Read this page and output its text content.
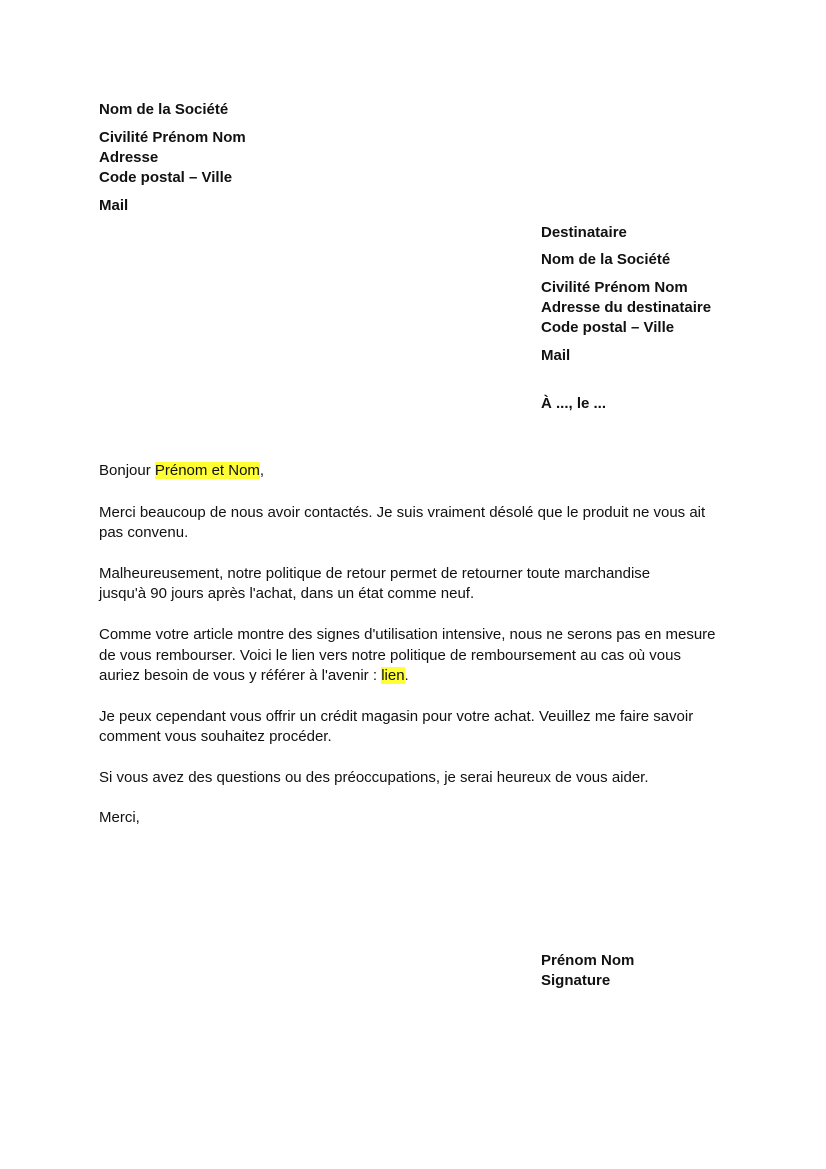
Nom de la Société
Civilité Prénom Nom
Adresse
Code postal – Ville
Mail
Destinataire
Nom de la Société
Civilité Prénom Nom
Adresse du destinataire
Code postal – Ville
Mail
À ..., le ...
Bonjour Prénom et Nom,
Merci beaucoup de nous avoir contactés. Je suis vraiment désolé que le produit ne vous ait
pas convenu.
Malheureusement, notre politique de retour permet de retourner toute marchandise
jusqu'à 90 jours après l'achat, dans un état comme neuf.
Comme votre article montre des signes d'utilisation intensive, nous ne serons pas en mesure
de vous rembourser. Voici le lien vers notre politique de remboursement au cas où vous
auriez besoin de vous y référer à l'avenir : lien.
Je peux cependant vous offrir un crédit magasin pour votre achat. Veuillez me faire savoir
comment vous souhaitez procéder.
Si vous avez des questions ou des préoccupations, je serai heureux de vous aider.
Merci,
Prénom Nom
Signature
